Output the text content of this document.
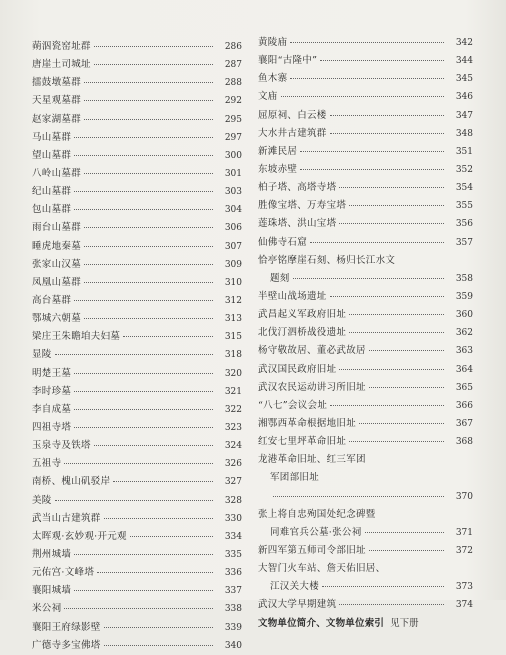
蒴泅瓷窑址群	286
唐崖土司城址	287
擂鼓墩墓群	288
天星观墓群	292
赵家湖墓群	295
马山墓群	297
望山墓群	300
八岭山墓群	301
纪山墓群	303
包山墓群	304
雨台山墓群	306
睡虎地秦墓	307
张家山汉墓	309
凤凰山墓群	310
高台墓群	312
鄂城六朝墓	313
梁庄王朱瞻垍夫妇墓	315
显陵	318
明楚王墓	320
李时珍墓	321
李自成墓	322
四祖寺塔	323
玉泉寺及铁塔	324
五祖寺	326
南桥、槐山矶驳岸	327
美陵	328
武当山古建筑群	330
太晖观·玄妙观·开元观	334
荆州城墙	335
元佑宫·文峰塔	336
襄阳城墙	337
米公祠	338
襄阳王府绿影壁	339
广德寺多宝佛塔	340
黄陵庙	342
襄阳“古隆中”	344
鱼木寨	345
文庙	346
屈原祠、白云楼	347
大水井古建筑群	348
新滩民居	351
东坡赤壁	352
柏子塔、高塔寺塔	354
胜像宝塔、万寿宝塔	355
莲珠塔、洪山宝塔	356
仙佛寺石窟	357
恰亭铭摩崖石刻、杨归长江水文
题刻	358
半壁山战场遗址	359
武昌起义军政府旧址	360
北伐汀泗桥战役遗址	362
杨守敬故居、董必武故居	363
武汉国民政府旧址	364
武汉农民运动讲习所旧址	365
“八七”会议会址	366
湘鄂西革命根据地旧址	367
红安七里坪革命旧址	368
龙港革命旧址、红三军团
军团部旧址
370
张上将自忠殉国处纪念碑暨
同难官兵公墓·张公祠	371
新四军第五师司令部旧址	372
大智门火车站、詹天佑旧居、
江汉关大楼	373
武汉大学早期建筑	374
文物单位简介、文物单位索引 见下册
